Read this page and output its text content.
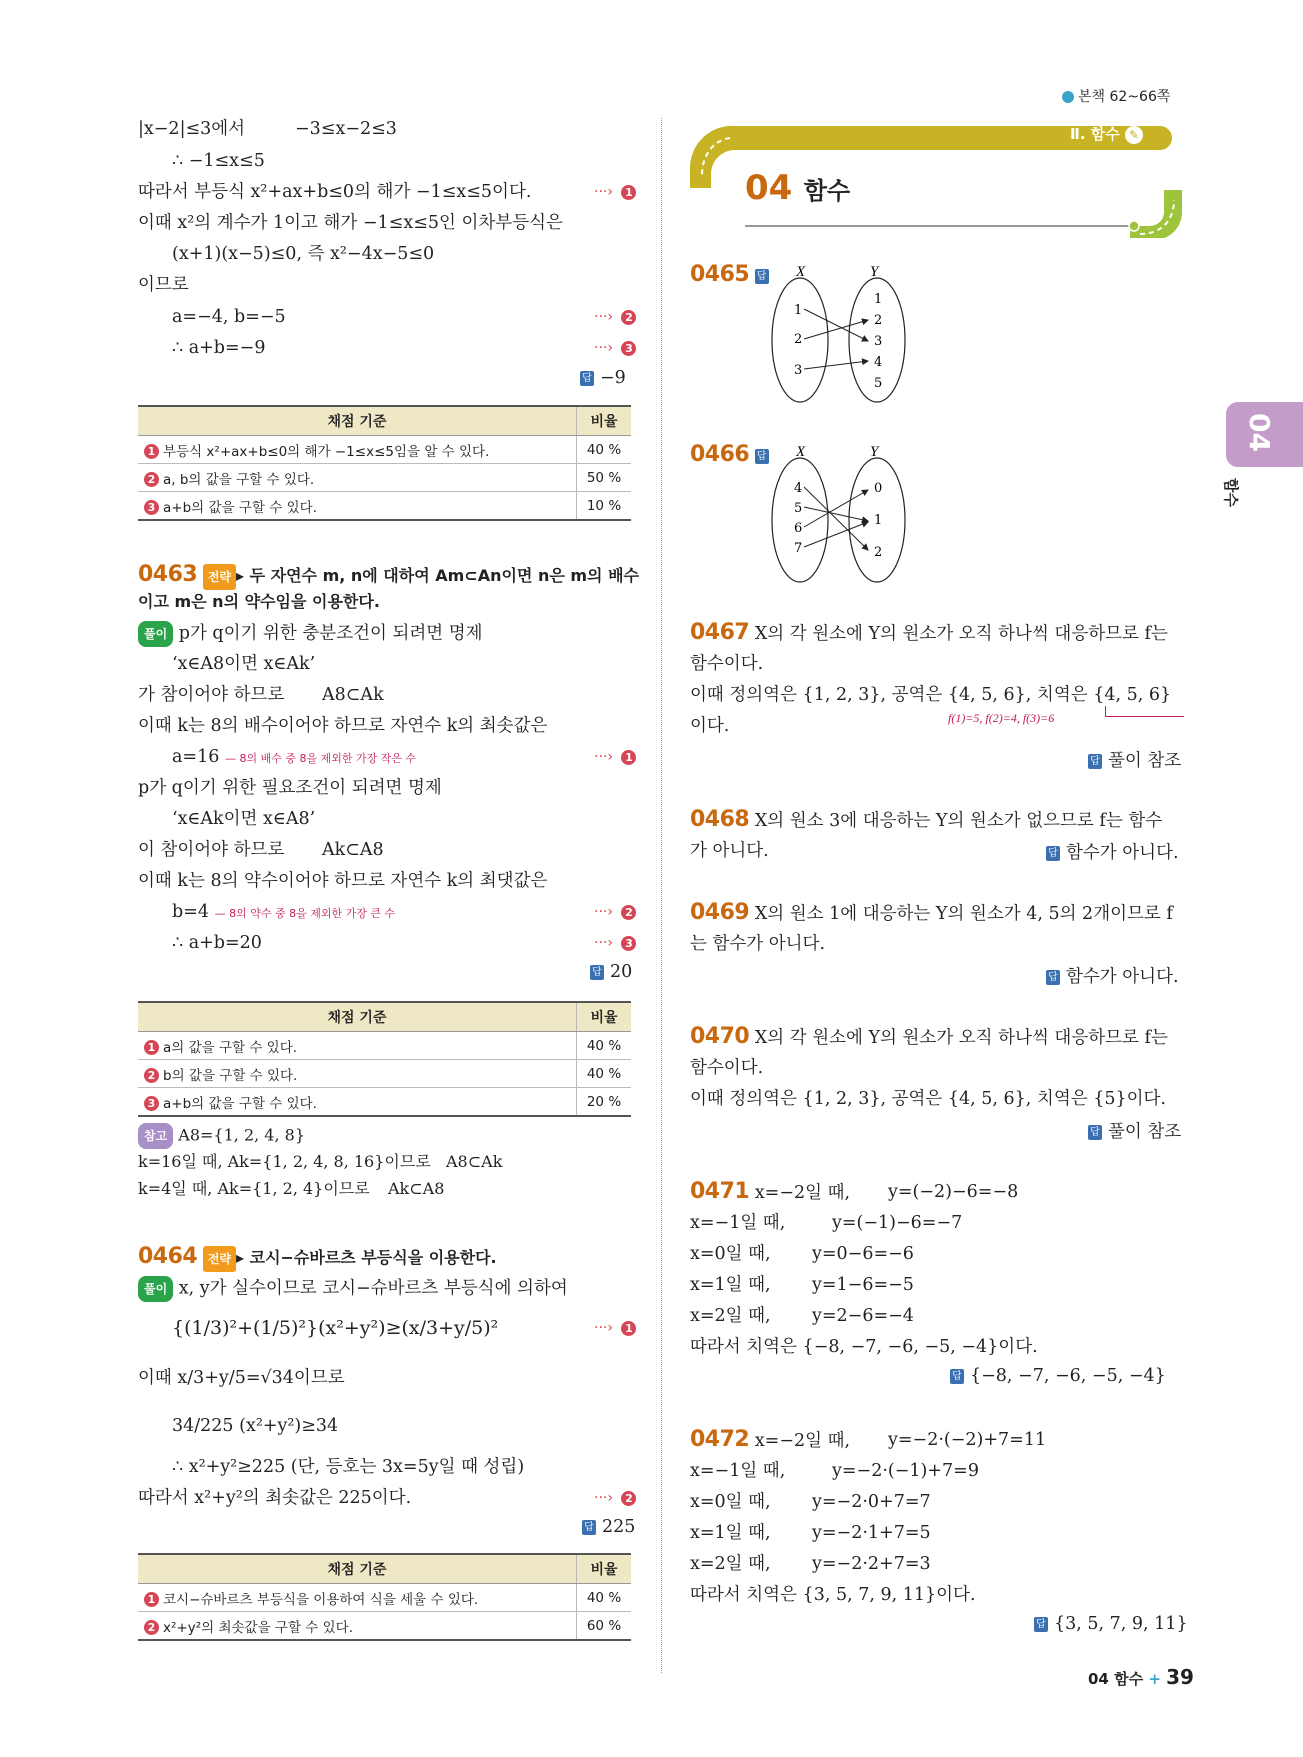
본책 62~66쪽
Ⅱ. 함수 ✎
04 함수
04
함수
|x−2|≤3에서	−3≤x−2≤3
∴ −1≤x≤5
따라서 부등식 x²+ax+b≤0의 해가 −1≤x≤5이다.	···› 1
이때 x²의 계수가 1이고 해가 −1≤x≤5인 이차부등식은
(x+1)(x−5)≤0, 즉 x²−4x−5≤0
이므로
a=−4, b=−5	···› 2
∴ a+b=−9	···› 3
답 −9
채점 기준	비율
1 부등식 x²+ax+b≤0의 해가 −1≤x≤5임을 알 수 있다.	40 %
2 a, b의 값을 구할 수 있다.	50 %
3 a+b의 값을 구할 수 있다.	10 %
0463 전략 ▸ 두 자연수 m, n에 대하여 Am⊂An이면 n은 m의 배수
이고 m은 n의 약수임을 이용한다.
풀이 p가 q이기 위한 충분조건이 되려면 명제
‘x∈A8이면 x∈Ak’
가 참이어야 하므로 A8⊂Ak
이때 k는 8의 배수이어야 하므로 자연수 k의 최솟값은
a=16 — 8의 배수 중 8을 제외한 가장 작은 수	···› 1
p가 q이기 위한 필요조건이 되려면 명제
‘x∈Ak이면 x∈A8’
이 참이어야 하므로 Ak⊂A8
이때 k는 8의 약수이어야 하므로 자연수 k의 최댓값은
b=4 — 8의 약수 중 8을 제외한 가장 큰 수	···› 2
∴ a+b=20	···› 3
답 20
채점 기준	비율
1 a의 값을 구할 수 있다.	40 %
2 b의 값을 구할 수 있다.	40 %
3 a+b의 값을 구할 수 있다.	20 %
참고 A8={1, 2, 4, 8}
k=16일 때, Ak={1, 2, 4, 8, 16}이므로 A8⊂Ak
k=4일 때, Ak={1, 2, 4}이므로 Ak⊂A8
0464 전략 ▸ 코시−슈바르츠 부등식을 이용한다.
풀이 x, y가 실수이므로 코시−슈바르츠 부등식에 의하여
{(1/3)²+(1/5)²}(x²+y²)≥(x/3+y/5)²	···› 1
이때 x/3+y/5=√34이므로
34/225 (x²+y²)≥34
∴ x²+y²≥225 (단, 등호는 3x=5y일 때 성립)
따라서 x²+y²의 최솟값은 225이다.	···› 2
답 225
채점 기준	비율
1 코시−슈바르츠 부등식을 이용하여 식을 세울 수 있다.	40 %
2 x²+y²의 최솟값을 구할 수 있다.	60 %
0465 답	X	Y
1
2
3
1
2
3
4
5
0466 답	X	Y
4
5
6
7
0
1
2
0467 X의 각 원소에 Y의 원소가 오직 하나씩 대응하므로 f는
함수이다.
이때 정의역은 {1, 2, 3}, 공역은 {4, 5, 6}, 치역은 {4, 5, 6}
f(1)=5, f(2)=4, f(3)=6
이다.
답 풀이 참조
0468 X의 원소 3에 대응하는 Y의 원소가 없으므로 f는 함수
가 아니다.	답 함수가 아니다.
0469 X의 원소 1에 대응하는 Y의 원소가 4, 5의 2개이므로 f
는 함수가 아니다.
답 함수가 아니다.
0470 X의 각 원소에 Y의 원소가 오직 하나씩 대응하므로 f는
함수이다.
이때 정의역은 {1, 2, 3}, 공역은 {4, 5, 6}, 치역은 {5}이다.
답 풀이 참조
0471 x=−2일 때, y=(−2)−6=−8
x=−1일 때,	y=(−1)−6=−7
x=0일 때, y=0−6=−6
x=1일 때, y=1−6=−5
x=2일 때, y=2−6=−4
따라서 치역은 {−8, −7, −6, −5, −4}이다.
답 {−8, −7, −6, −5, −4}
0472 x=−2일 때, y=−2·(−2)+7=11
x=−1일 때,	y=−2·(−1)+7=9
x=0일 때, y=−2·0+7=7
x=1일 때, y=−2·1+7=5
x=2일 때, y=−2·2+7=3
따라서 치역은 {3, 5, 7, 9, 11}이다.
답 {3, 5, 7, 9, 11}
04 함수 + 39
